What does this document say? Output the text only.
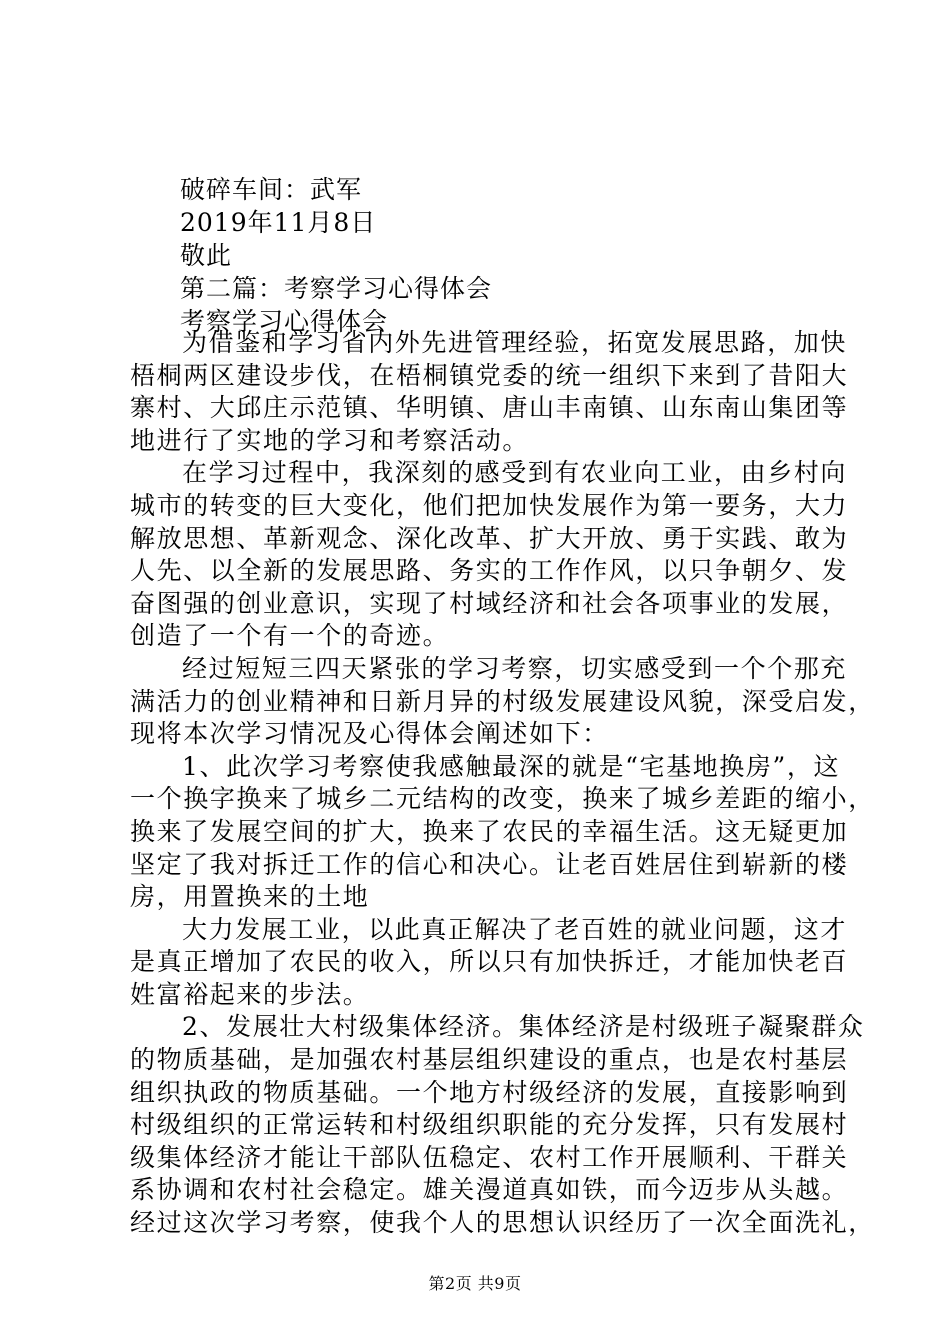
破碎车间：武军
2019年11月8日
敬此
第二篇：考察学习心得体会
考察学习心得体会
为借鉴和学习省内外先进管理经验，拓宽发展思路，加快
梧桐两区建设步伐，在梧桐镇党委的统一组织下来到了昔阳大
寨村、大邱庄示范镇、华明镇、唐山丰南镇、山东南山集团等
地进行了实地的学习和考察活动。
在学习过程中，我深刻的感受到有农业向工业，由乡村向
城市的转变的巨大变化，他们把加快发展作为第一要务，大力
解放思想、革新观念、深化改革、扩大开放、勇于实践、敢为
人先、以全新的发展思路、务实的工作作风，以只争朝夕、发
奋图强的创业意识，实现了村域经济和社会各项事业的发展，
创造了一个有一个的奇迹。
经过短短三四天紧张的学习考察，切实感受到一个个那充
满活力的创业精神和日新月异的村级发展建设风貌，深受启发，
现将本次学习情况及心得体会阐述如下：
1、此次学习考察使我感触最深的就是“宅基地换房”，这
一个换字换来了城乡二元结构的改变，换来了城乡差距的缩小，
换来了发展空间的扩大，换来了农民的幸福生活。这无疑更加
坚定了我对拆迁工作的信心和决心。让老百姓居住到崭新的楼
房，用置换来的土地
大力发展工业，以此真正解决了老百姓的就业问题，这才
是真正增加了农民的收入，所以只有加快拆迁，才能加快老百
姓富裕起来的步法。
2、发展壮大村级集体经济。集体经济是村级班子凝聚群众
的物质基础，是加强农村基层组织建设的重点，也是农村基层
组织执政的物质基础。一个地方村级经济的发展，直接影响到
村级组织的正常运转和村级组织职能的充分发挥，只有发展村
级集体经济才能让干部队伍稳定、农村工作开展顺利、干群关
系协调和农村社会稳定。雄关漫道真如铁，而今迈步从头越。
经过这次学习考察，使我个人的思想认识经历了一次全面洗礼，
第2页 共9页
